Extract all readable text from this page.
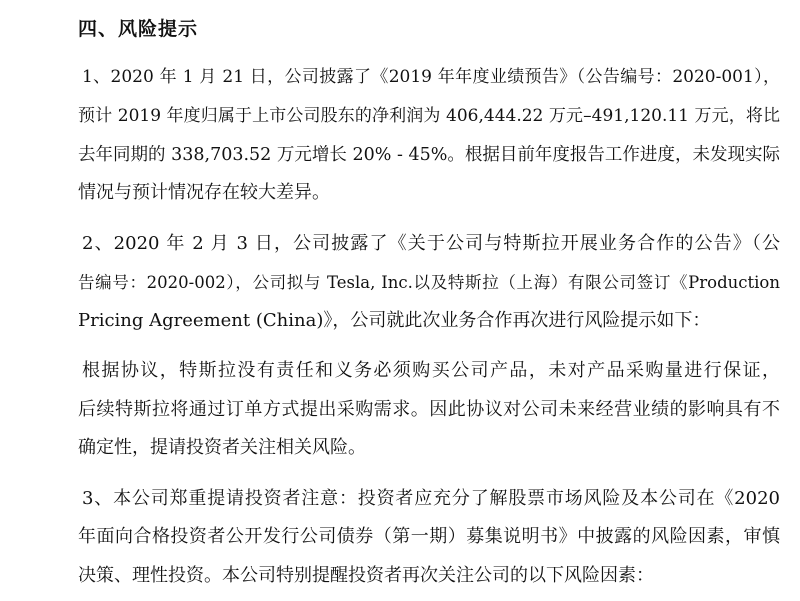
四、风险提示
1、2020 年 1 月 21 日，公司披露了《2019 年年度业绩预告》（公告编号：2020-001），
预计 2019 年度归属于上市公司股东的净利润为 406,444.22 万元–491,120.11 万元，将比
去年同期的 338,703.52 万元增长 20% - 45%。根据目前年度报告工作进度，未发现实际
情况与预计情况存在较大差异。
2、2020 年 2 月 3 日，公司披露了《关于公司与特斯拉开展业务合作的公告》（公
告编号：2020-002），公司拟与 Tesla, Inc.以及特斯拉（上海）有限公司签订《Production
Pricing Agreement (China)》，公司就此次业务合作再次进行风险提示如下：
根据协议，特斯拉没有责任和义务必须购买公司产品，未对产品采购量进行保证，
后续特斯拉将通过订单方式提出采购需求。因此协议对公司未来经营业绩的影响具有不
确定性，提请投资者关注相关风险。
3、本公司郑重提请投资者注意：投资者应充分了解股票市场风险及本公司在《2020
年面向合格投资者公开发行公司债券（第一期）募集说明书》中披露的风险因素，审慎
决策、理性投资。本公司特别提醒投资者再次关注公司的以下风险因素：
